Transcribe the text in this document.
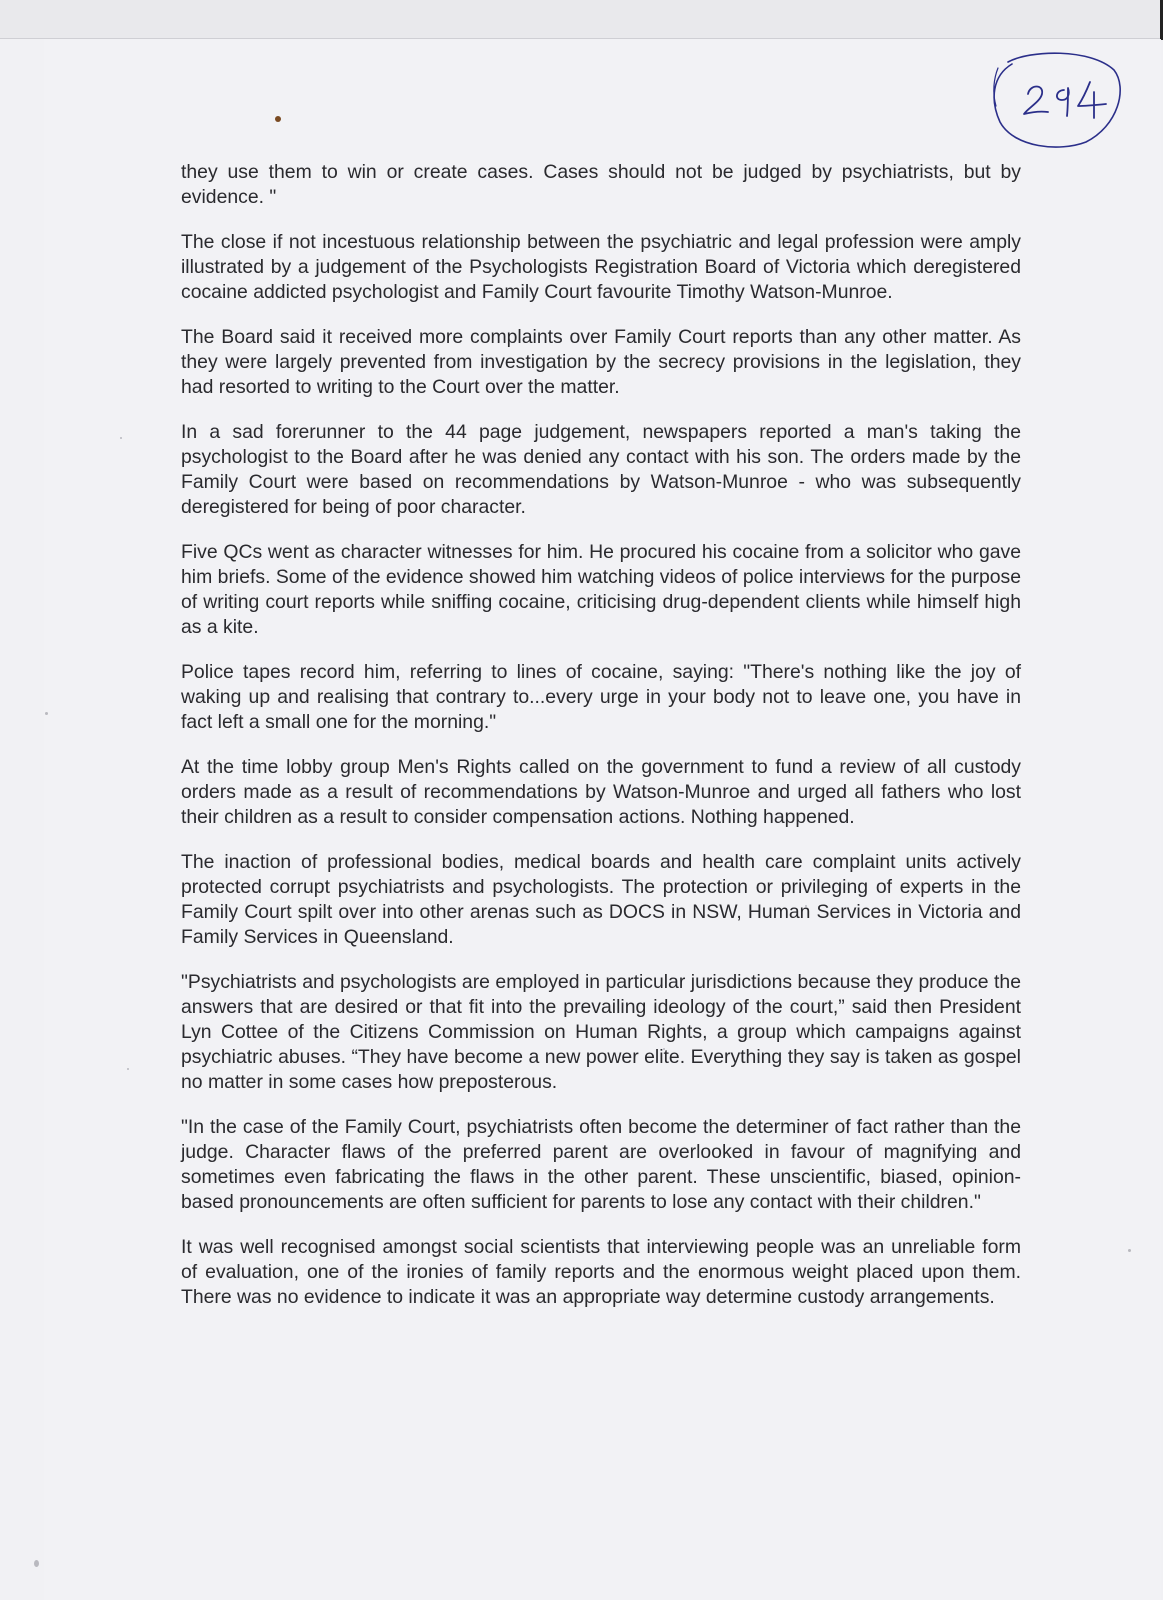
they use them to win or create cases. Cases should not be judged by psychiatrists, but by evidence. "

The close if not incestuous relationship between the psychiatric and legal profession were amply illustrated by a judgement of the Psychologists Registration Board of Victoria which deregistered cocaine addicted psychologist and Family Court favourite Timothy Watson-Munroe.

The Board said it received more complaints over Family Court reports than any other matter. As they were largely prevented from investigation by the secrecy provisions in the legislation, they had resorted to writing to the Court over the matter.

In a sad forerunner to the 44 page judgement, newspapers reported a man's taking the psychologist to the Board after he was denied any contact with his son. The orders made by the Family Court were based on recommendations by Watson-Munroe - who was subsequently deregistered for being of poor character.

Five QCs went as character witnesses for him. He procured his cocaine from a solicitor who gave him briefs. Some of the evidence showed him watching videos of police interviews for the purpose of writing court reports while sniffing cocaine, criticising drug-dependent clients while himself high as a kite.

Police tapes record him, referring to lines of cocaine, saying: "There's nothing like the joy of waking up and realising that contrary to...every urge in your body not to leave one, you have in fact left a small one for the morning."

At the time lobby group Men's Rights called on the government to fund a review of all custody orders made as a result of recommendations by Watson-Munroe and urged all fathers who lost their children as a result to consider compensation actions. Nothing happened.

The inaction of professional bodies, medical boards and health care complaint units actively protected corrupt psychiatrists and psychologists. The protection or privileging of experts in the Family Court spilt over into other arenas such as DOCS in NSW, Human Services in Victoria and Family Services in Queensland.

"Psychiatrists and psychologists are employed in particular jurisdictions because they produce the answers that are desired or that fit into the prevailing ideology of the court,” said then President Lyn Cottee of the Citizens Commission on Human Rights, a group which campaigns against psychiatric abuses. “They have become a new power elite. Everything they say is taken as gospel no matter in some cases how preposterous.

"In the case of the Family Court, psychiatrists often become the determiner of fact rather than the judge. Character flaws of the preferred parent are overlooked in favour of magnifying and sometimes even fabricating the flaws in the other parent. These unscientific, biased, opinion-based pronouncements are often sufficient for parents to lose any contact with their children."

It was well recognised amongst social scientists that interviewing people was an unreliable form of evaluation, one of the ironies of family reports and the enormous weight placed upon them. There was no evidence to indicate it was an appropriate way determine custody arrangements.
